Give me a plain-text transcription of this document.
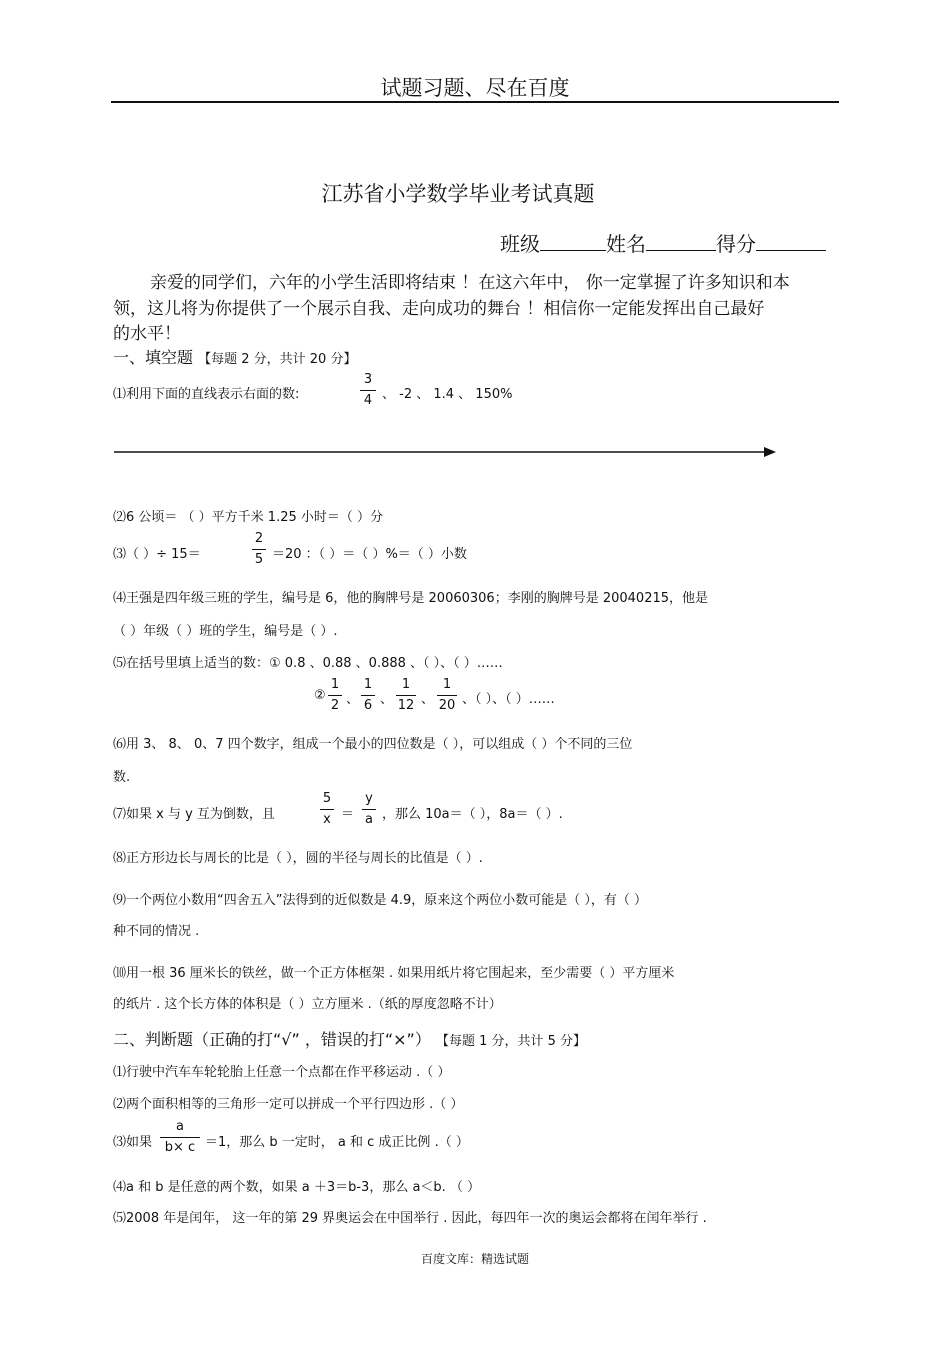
试题习题、尽在百度
江苏省小学数学毕业考试真题
班级	姓名	得分
亲爱的同学们，六年的小学生活即将结束 ！在这六年中， 你一定掌握了许多知识和本
领，这儿将为你提供了一个展示自我、走向成功的舞台 ！相信你一定能发挥出自己最好
的水平！
一、填空题 【每题 2 分，共计 20 分】
⑴利用下面的直线表示右面的数:
3
4 、 -2 、 1.4 、 150%
⑵6 公顷＝ （ ）平方千米 1.25 小时＝（ ）分
⑶（ ）÷ 15＝
2
5 ＝20 ：（ ）＝（ ）%＝（ ）小数
⑷王强是四年级三班的学生，编号是 6，他的胸牌号是 20060306；李刚的胸牌号是 20040215，他是
（ ）年级（ ）班的学生，编号是（ ）.
⑸在括号里填上适当的数：① 0.8 、0.88 、0.888 、（ ）、（ ）……
②
1
2 、
1
6 、
1
12 、
1
20 、（ ）、（ ）……
⑹用 3、 8、 0、7 四个数字，组成一个最小的四位数是（ ），可以组成（ ）个不同的三位
数.
⑺如果 x 与 y 互为倒数，且
5
x ＝
y
a ，那么 10a＝（ ），8a＝（ ）.
⑻正方形边长与周长的比是（ ），圆的半径与周长的比值是（ ）.
⑼一个两位小数用“四舍五入”法得到的近似数是 4.9，原来这个两位小数可能是（ ），有（ ）
种不同的情况 .
⑽用一根 36 厘米长的铁丝，做一个正方体框架 . 如果用纸片将它围起来，至少需要（ ）平方厘米
的纸片 . 这个长方体的体积是（ ）立方厘米 .（纸的厚度忽略不计）
二、判断题（正确的打“√” ，错误的打“×”） 【每题 1 分，共计 5 分】
⑴行驶中汽车车轮轮胎上任意一个点都在作平移运动 .（ ）
⑵两个面积相等的三角形一定可以拼成一个平行四边形 .（ ）
⑶如果
a
b× c ＝1，那么 b 一定时， a 和 c 成正比例 .（ ）
⑷a 和 b 是任意的两个数，如果 a ＋3＝b-3，那么 a＜b. （ ）
⑸2008 年是闰年， 这一年的第 29 界奥运会在中国举行 . 因此，每四年一次的奥运会都将在闰年举行 .
百度文库：精选试题
